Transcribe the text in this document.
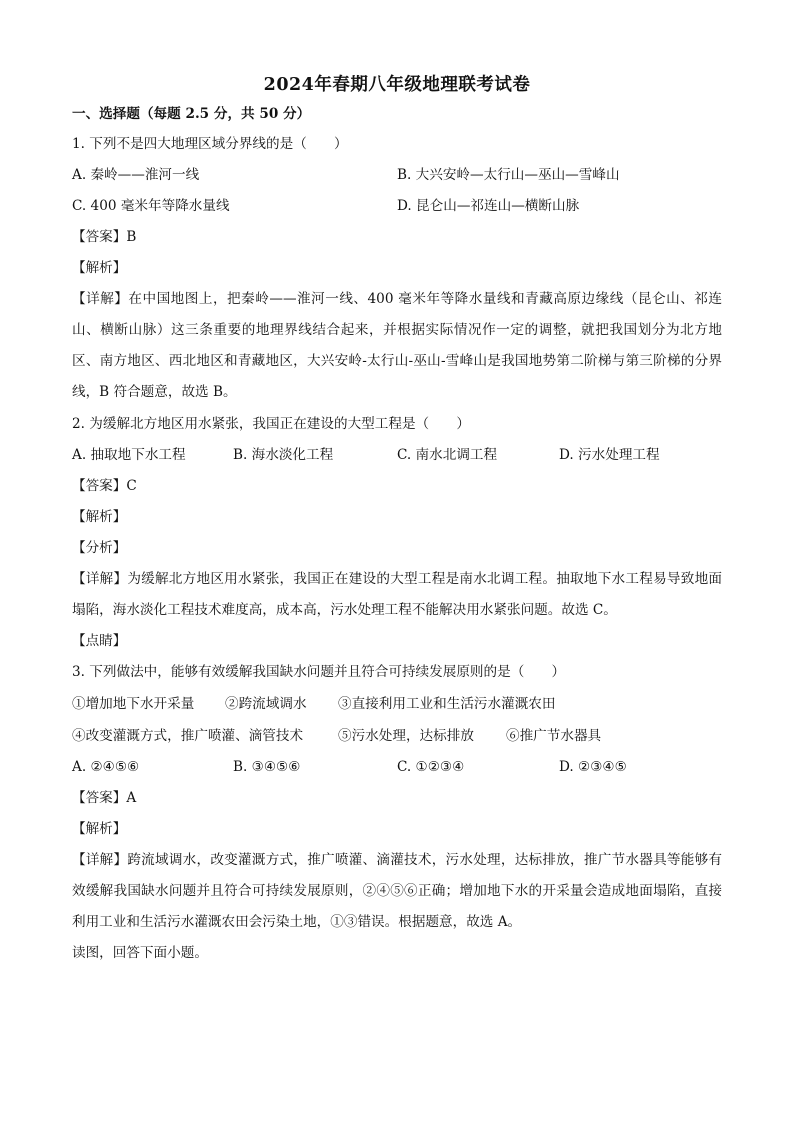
2024年春期八年级地理联考试卷
一、选择题（每题 2.5 分，共 50 分）
1. 下列不是四大地理区域分界线的是（　　）
A. 秦岭——淮河一线	B. 大兴安岭—太行山—巫山—雪峰山
C. 400 毫米年等降水量线	D. 昆仑山—祁连山—横断山脉
【答案】B
【解析】
【详解】在中国地图上，把秦岭——淮河一线、400 毫米年等降水量线和青藏高原边缘线（昆仑山、祁连山、横断山脉）这三条重要的地理界线结合起来，并根据实际情况作一定的调整，就把我国划分为北方地区、南方地区、西北地区和青藏地区，大兴安岭-太行山-巫山-雪峰山是我国地势第二阶梯与第三阶梯的分界线，B 符合题意，故选 B。
2. 为缓解北方地区用水紧张，我国正在建设的大型工程是（　　）
A. 抽取地下水工程	B. 海水淡化工程	C. 南水北调工程	D. 污水处理工程
【答案】C
【解析】
【分析】
【详解】为缓解北方地区用水紧张，我国正在建设的大型工程是南水北调工程。抽取地下水工程易导致地面塌陷，海水淡化工程技术难度高，成本高，污水处理工程不能解决用水紧张问题。故选 C。
【点睛】
3. 下列做法中，能够有效缓解我国缺水问题并且符合可持续发展原则的是（　　）
①增加地下水开采量 ②跨流域调水 ③直接利用工业和生活污水灌溉农田
④改变灌溉方式，推广喷灌、滴管技术	⑤污水处理，达标排放 ⑥推广节水器具
A. ②④⑤⑥	B. ③④⑤⑥	C. ①②③④	D. ②③④⑤
【答案】A
【解析】
【详解】跨流域调水，改变灌溉方式，推广喷灌、滴灌技术，污水处理，达标排放，推广节水器具等能够有效缓解我国缺水问题并且符合可持续发展原则，②④⑤⑥正确；增加地下水的开采量会造成地面塌陷，直接利用工业和生活污水灌溉农田会污染土地，①③错误。根据题意，故选 A。
读图，回答下面小题。
